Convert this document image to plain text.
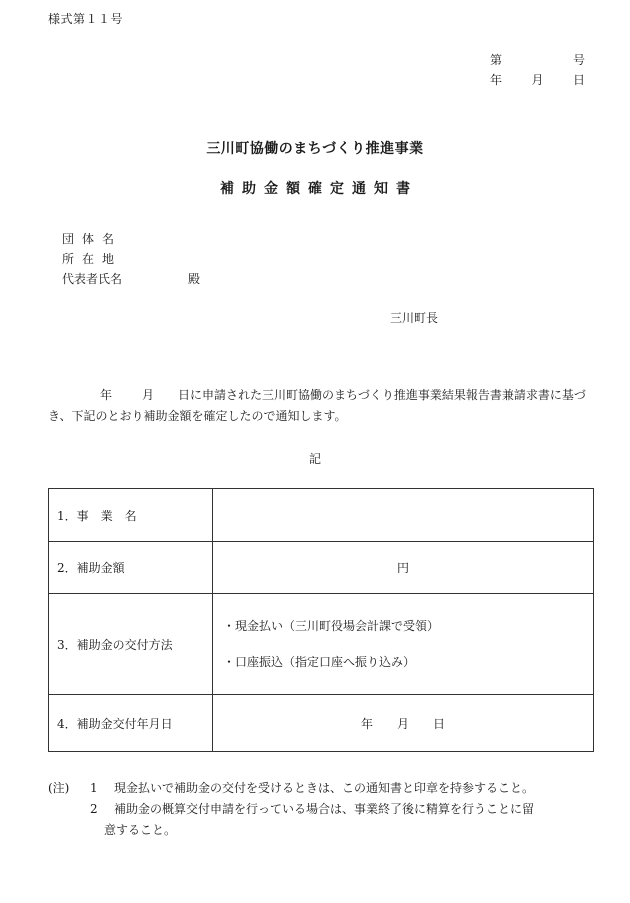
様式第１１号
第	号
年 月 日
三川町協働のまちづくり推進事業
補助金額確定通知書
団体名
所在地
代表者氏名	殿
三川町長
年	月 日に申請された三川町協働のまちづくり推進事業結果報告書兼請求書に基づき、下記のとおり補助金額を確定したので通知します。
記
1．事　業　名	
2．補助金額	円
3．補助金の交付方法	・現金払い（三川町役場会計課で受領）
・口座振込（指定口座へ振り込み）

4．補助金交付年月日	年　　月　　日
(注)	1	現金払いで補助金の交付を受けるときは、この通知書と印章を持参すること。
2	補助金の概算交付申請を行っている場合は、事業終了後に精算を行うことに留
意すること。
